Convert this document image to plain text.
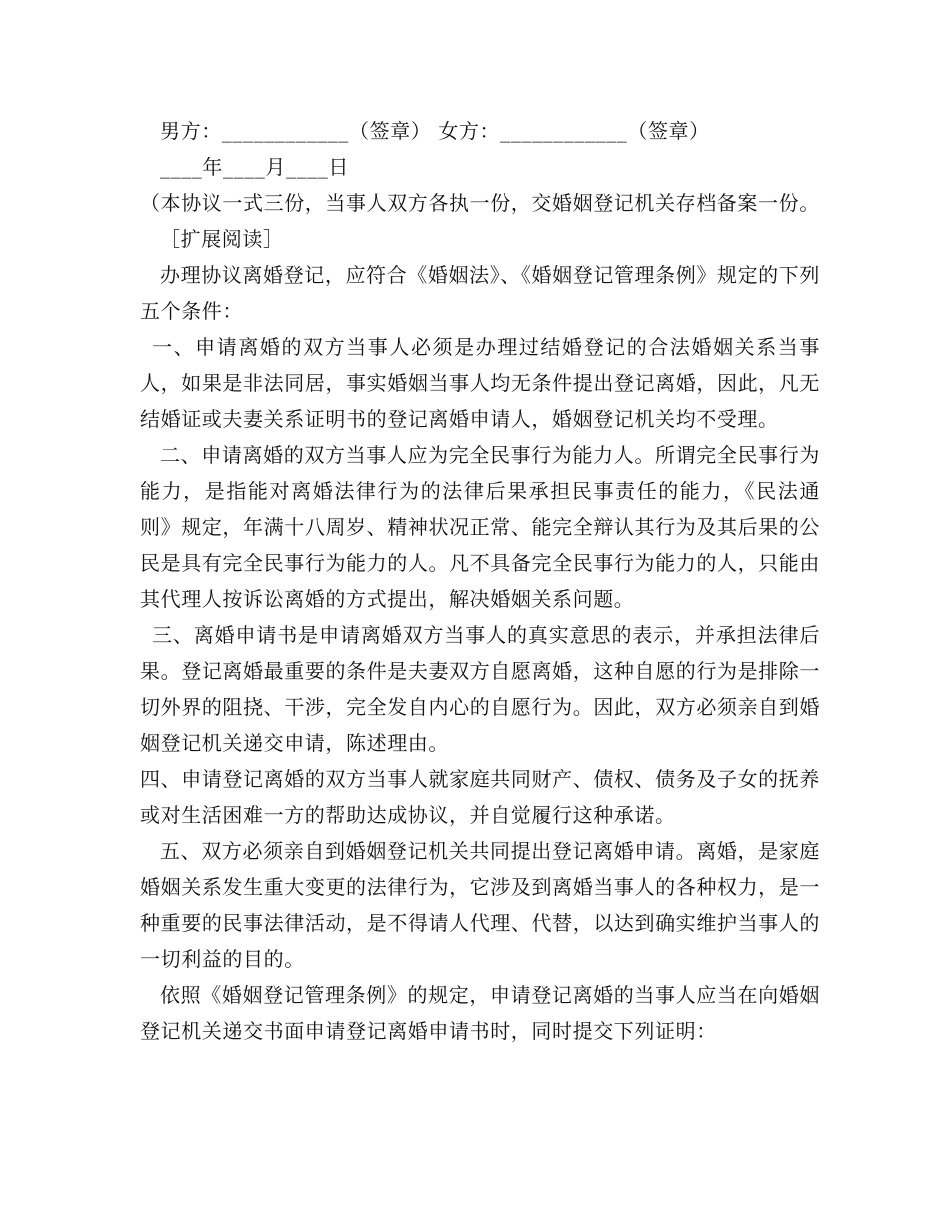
男方：____________（签章） 女方：____________（签章）
____年____月____日
（本协议一式三份，当事人双方各执一份，交婚姻登记机关存档备案一份。
［扩展阅读］
办理协议离婚登记，应符合《婚姻法》、《婚姻登记管理条例》规定的下列五个条件：
一、申请离婚的双方当事人必须是办理过结婚登记的合法婚姻关系当事人，如果是非法同居，事实婚姻当事人均无条件提出登记离婚，因此，凡无结婚证或夫妻关系证明书的登记离婚申请人，婚姻登记机关均不受理。
二、申请离婚的双方当事人应为完全民事行为能力人。所谓完全民事行为能力，是指能对离婚法律行为的法律后果承担民事责任的能力，《民法通则》规定，年满十八周岁、精神状况正常、能完全辩认其行为及其后果的公民是具有完全民事行为能力的人。凡不具备完全民事行为能力的人，只能由其代理人按诉讼离婚的方式提出，解决婚姻关系问题。
三、离婚申请书是申请离婚双方当事人的真实意思的表示，并承担法律后果。登记离婚最重要的条件是夫妻双方自愿离婚，这种自愿的行为是排除一切外界的阻挠、干涉，完全发自内心的自愿行为。因此，双方必须亲自到婚姻登记机关递交申请，陈述理由。
四、申请登记离婚的双方当事人就家庭共同财产、债权、债务及子女的抚养或对生活困难一方的帮助达成协议，并自觉履行这种承诺。
五、双方必须亲自到婚姻登记机关共同提出登记离婚申请。离婚，是家庭婚姻关系发生重大变更的法律行为，它涉及到离婚当事人的各种权力，是一种重要的民事法律活动，是不得请人代理、代替，以达到确实维护当事人的一切利益的目的。
依照《婚姻登记管理条例》的规定，申请登记离婚的当事人应当在向婚姻登记机关递交书面申请登记离婚申请书时，同时提交下列证明：
